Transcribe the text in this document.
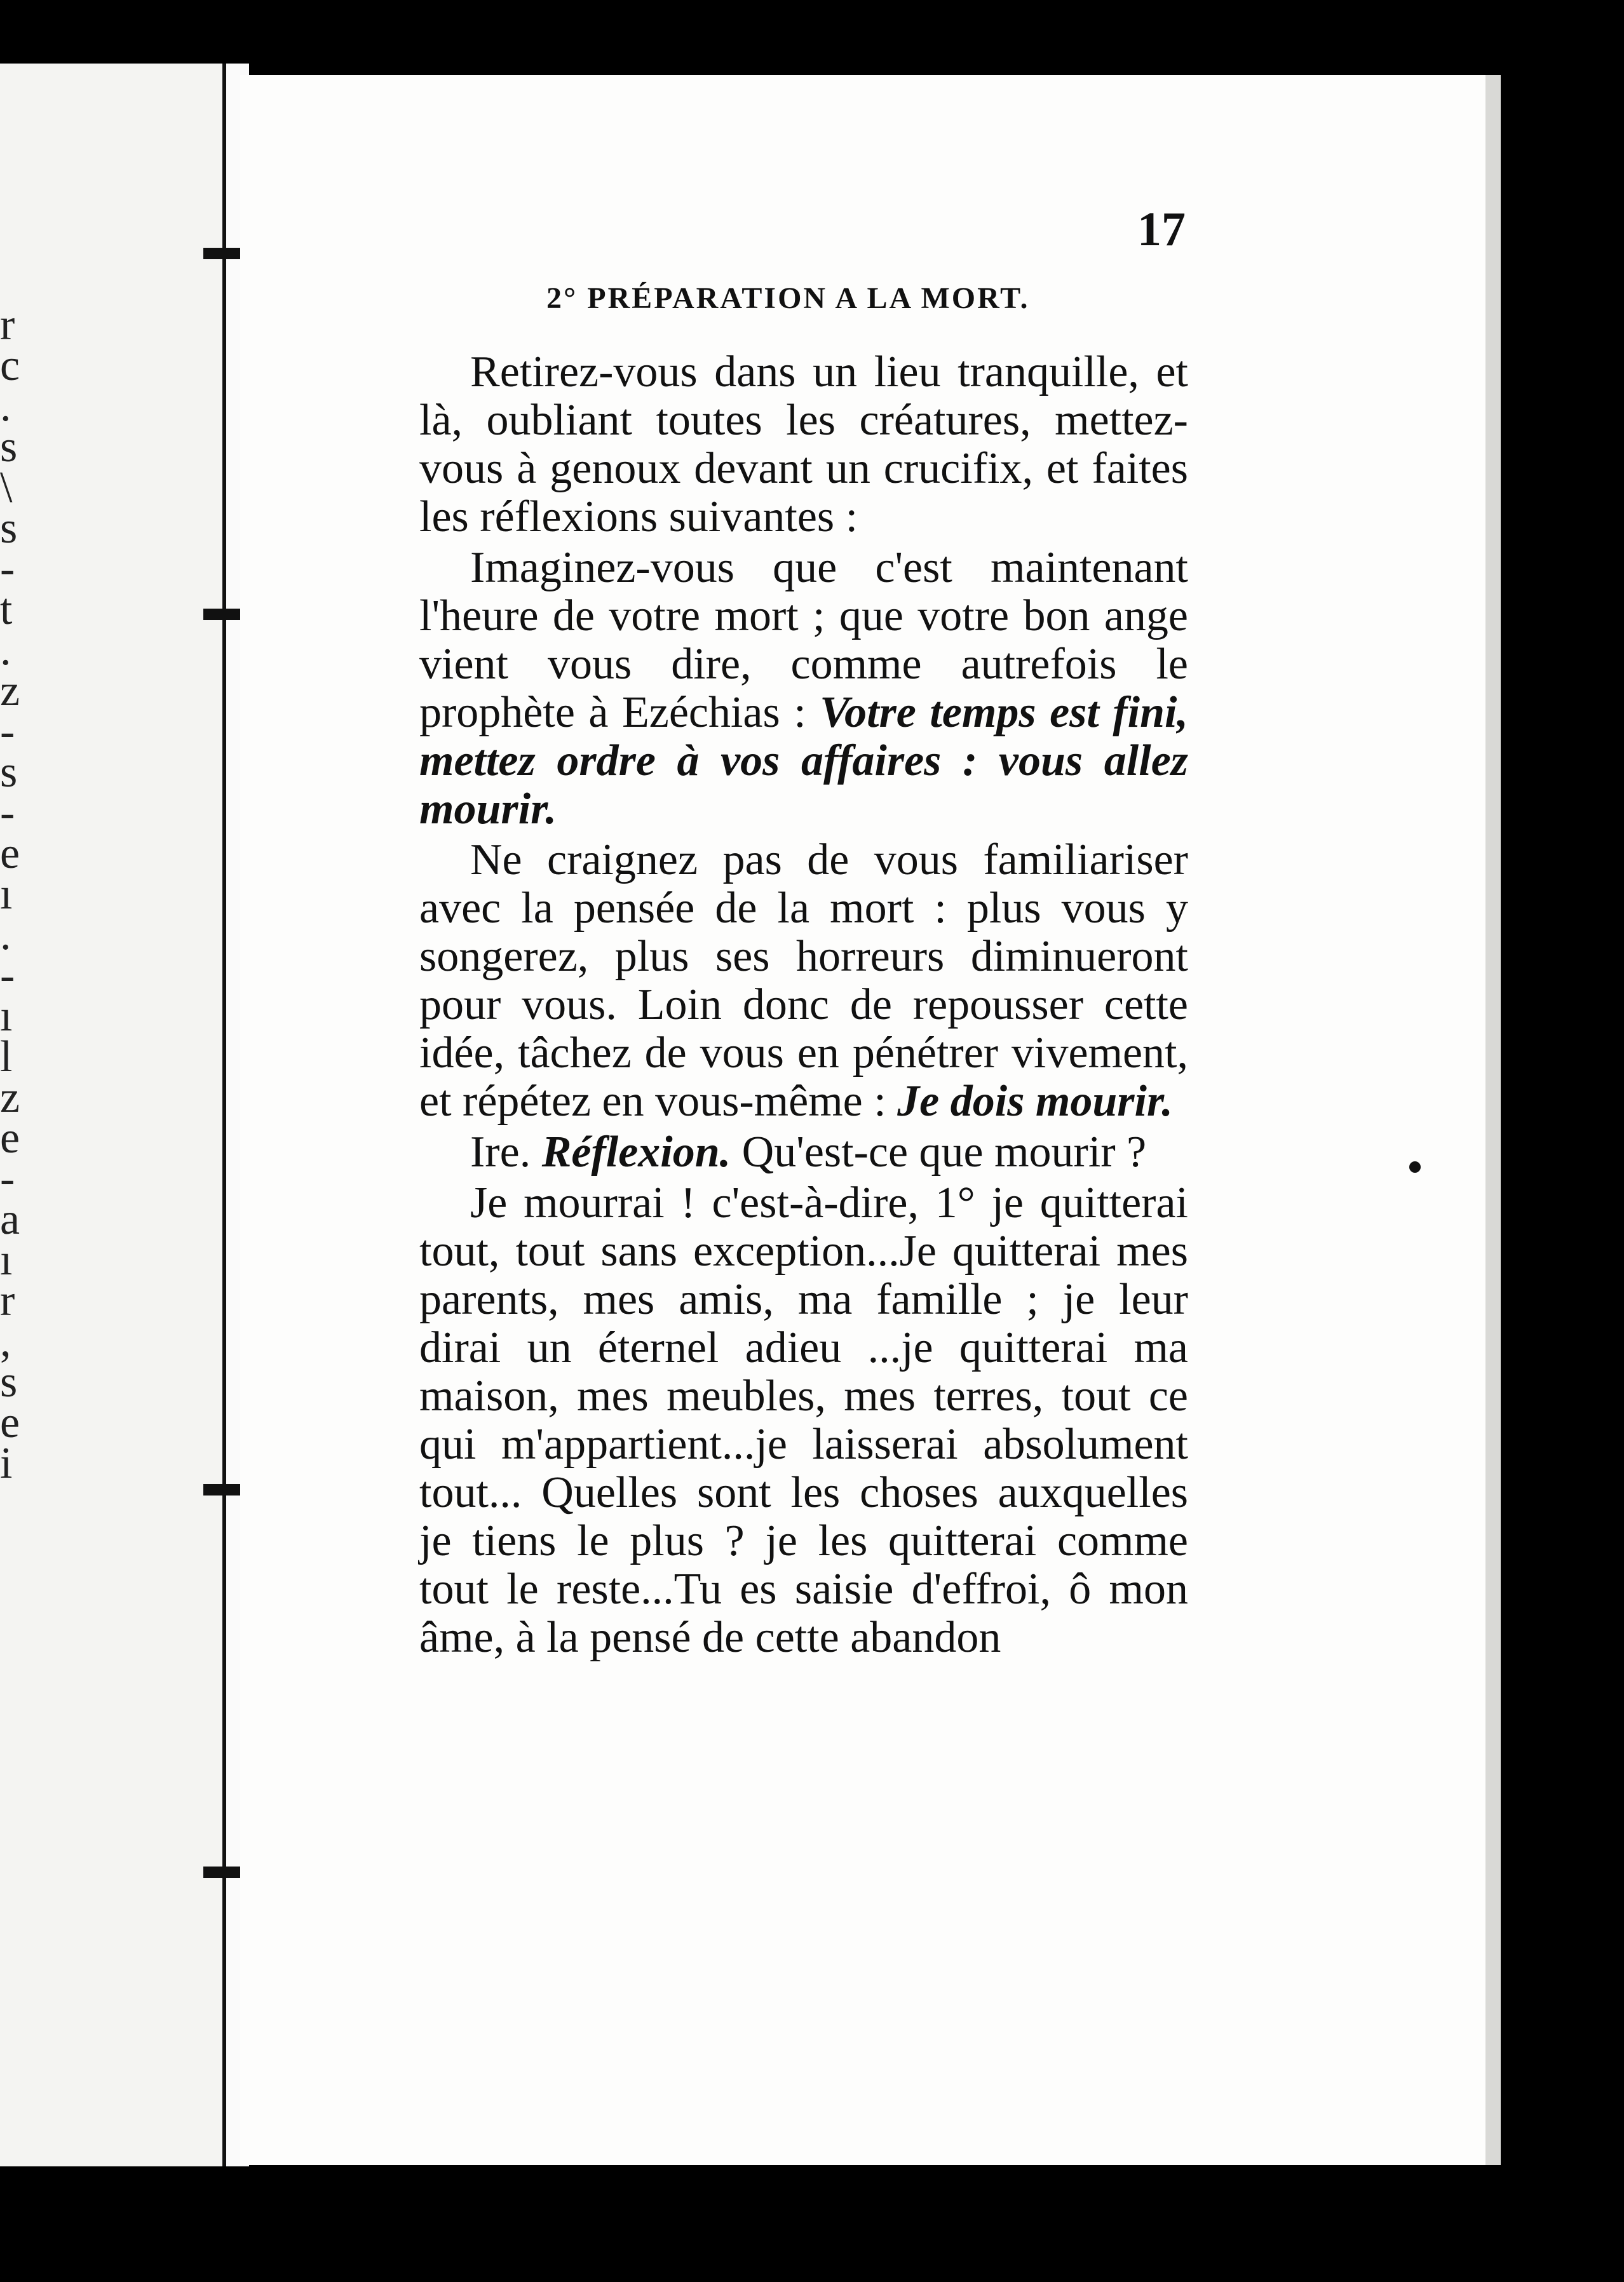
r
c
.
s
\
s
-
t
.
z
-
s
-
e
ı
.
-
ı
l
z
e
-
a
ı
r
,
s
e
i
17
2° PRÉPARATION A LA MORT.

Retirez-vous dans un lieu tranquille, et là, oubliant toutes les créatures, mettez-vous à genoux devant un crucifix, et faites les réflexions suivantes :

Imaginez-vous que c'est maintenant l'heure de votre mort ; que votre bon ange vient vous dire, comme autrefois le prophète à Ezéchias : Votre temps est fini, mettez ordre à vos affaires : vous allez mourir.

Ne craignez pas de vous familiariser avec la pensée de la mort : plus vous y songerez, plus ses horreurs diminueront pour vous. Loin donc de repousser cette idée, tâchez de vous en pénétrer vivement, et répétez en vous-même : Je dois mourir.

Ire. Réflexion. Qu'est-ce que mourir ?

Je mourrai ! c'est-à-dire, 1° je quitterai tout, tout sans exception...Je quitterai mes parents, mes amis, ma famille ; je leur dirai un éternel adieu ...je quitterai ma maison, mes meubles, mes terres, tout ce qui m'appartient...je laisserai absolument tout... Quelles sont les choses auxquelles je tiens le plus ? je les quitterai comme tout le reste...Tu es saisie d'effroi, ô mon âme, à la pensé de cette abandon
